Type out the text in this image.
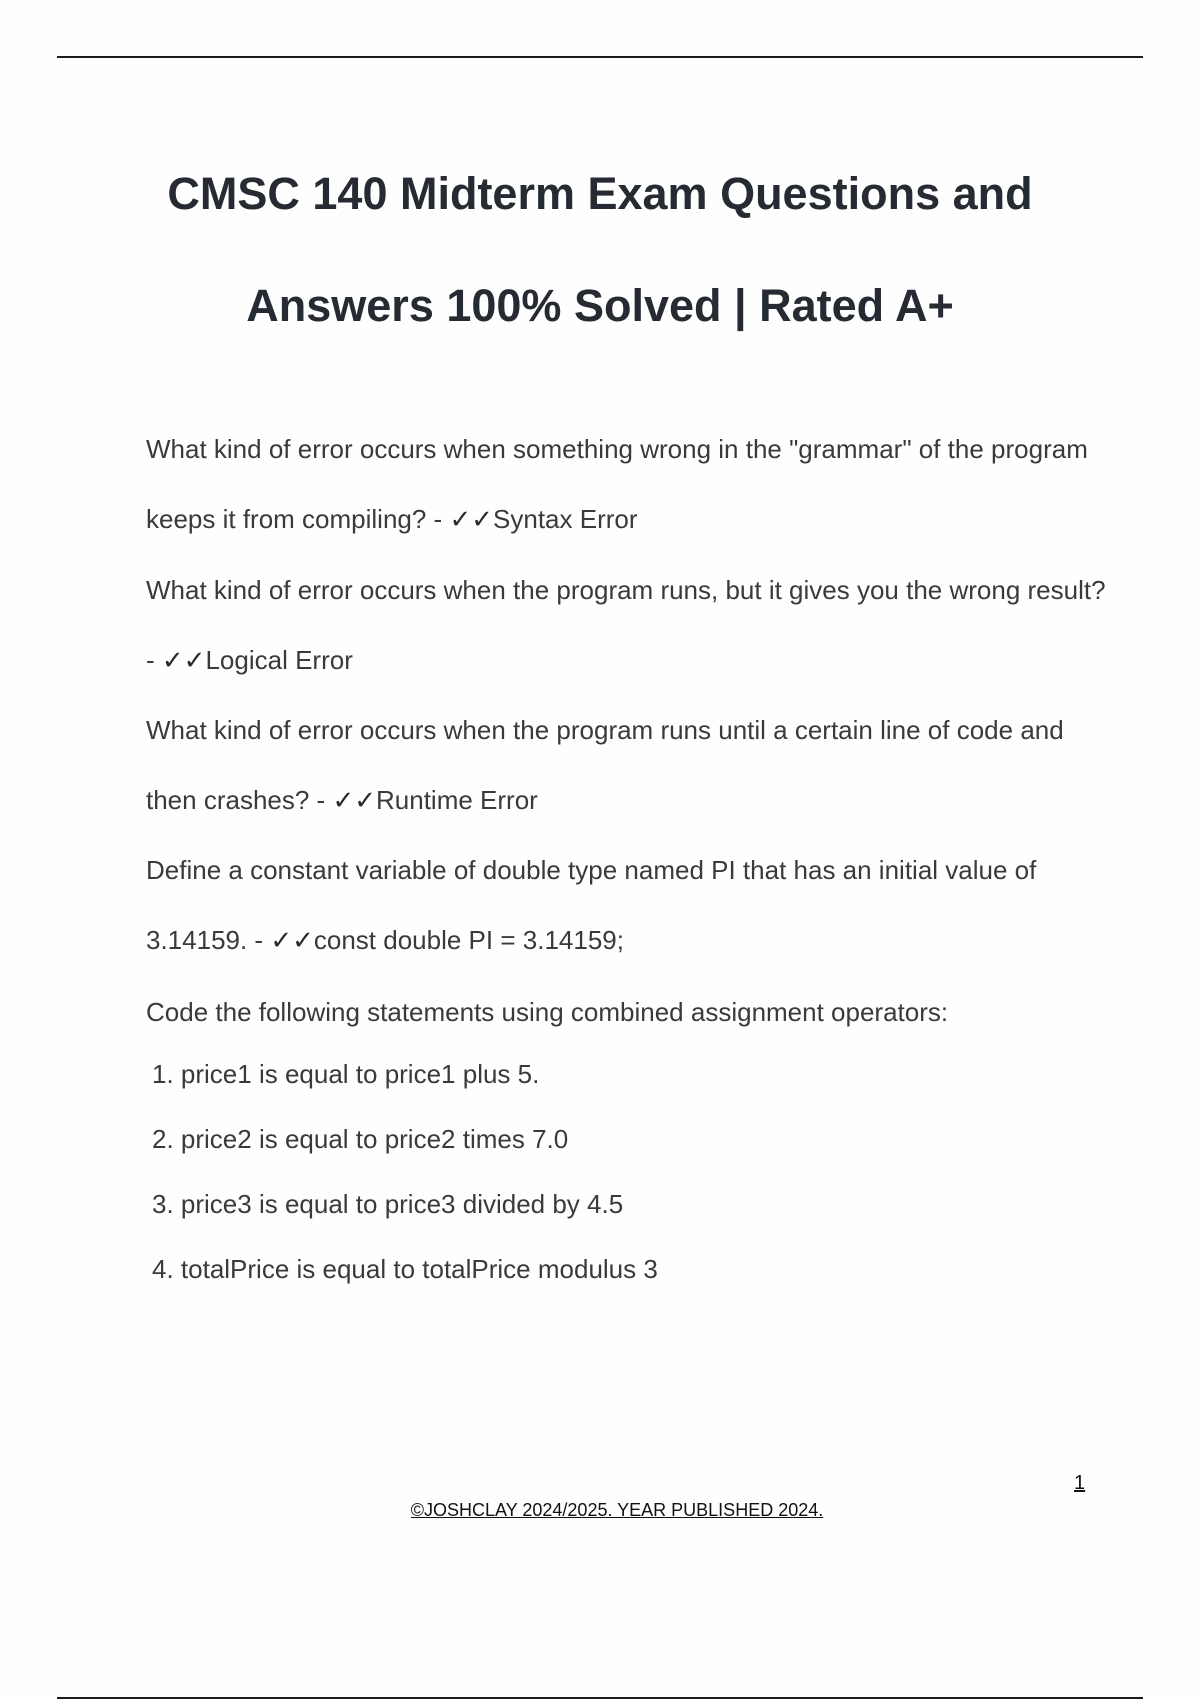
CMSC 140 Midterm Exam Questions and
Answers 100% Solved | Rated A+

What kind of error occurs when something wrong in the "grammar" of the program keeps it from compiling? - ✓✓Syntax Error

What kind of error occurs when the program runs, but it gives you the wrong result? - ✓✓Logical Error

What kind of error occurs when the program runs until a certain line of code and then crashes? - ✓✓Runtime Error

Define a constant variable of double type named PI that has an initial value of 3.14159. - ✓✓const double PI = 3.14159;

Code the following statements using combined assignment operators:

1. price1 is equal to price1 plus 5.
2. price2 is equal to price2 times 7.0
3. price3 is equal to price3 divided by 4.5
4. totalPrice is equal to totalPrice modulus 3
1
©JOSHCLAY 2024/2025. YEAR PUBLISHED 2024.
